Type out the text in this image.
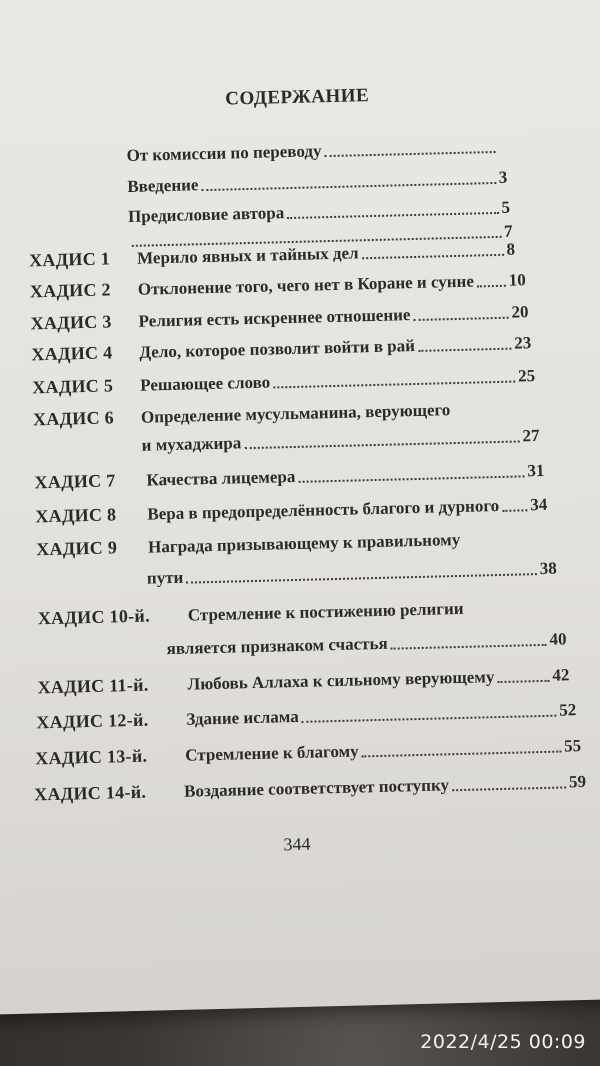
СОДЕРЖАНИЕ
От комиссии по переводу
Введение	3
Предисловие автора	5
7
ХАДИС 1	Мерило явных и тайных дел	8
ХАДИС 2	Отклонение того, чего нет в Коране и сунне 10
ХАДИС 3	Религия есть искреннее отношение	20
ХАДИС 4	Дело, которое позволит войти в рай	23
ХАДИС 5	Решающее слово	25
ХАДИС 6	Определение мусульманина, верующего
и мухаджира	27
ХАДИС 7	Качества лицемера	31
ХАДИС 8	Вера в предопределённость благого и дурного 34
ХАДИС 9	Награда призывающему к правильному
пути	38
ХАДИС 10-й.	Стремление к постижению религии
является признаком счастья	40
ХАДИС 11-й.	Любовь Аллаха к сильному верующему	42
ХАДИС 12-й.	Здание ислама	52
ХАДИС 13-й.	Стремление к благому	55
ХАДИС 14-й.	Воздаяние соответствует поступку	59
344
2022/4/25 00:09
